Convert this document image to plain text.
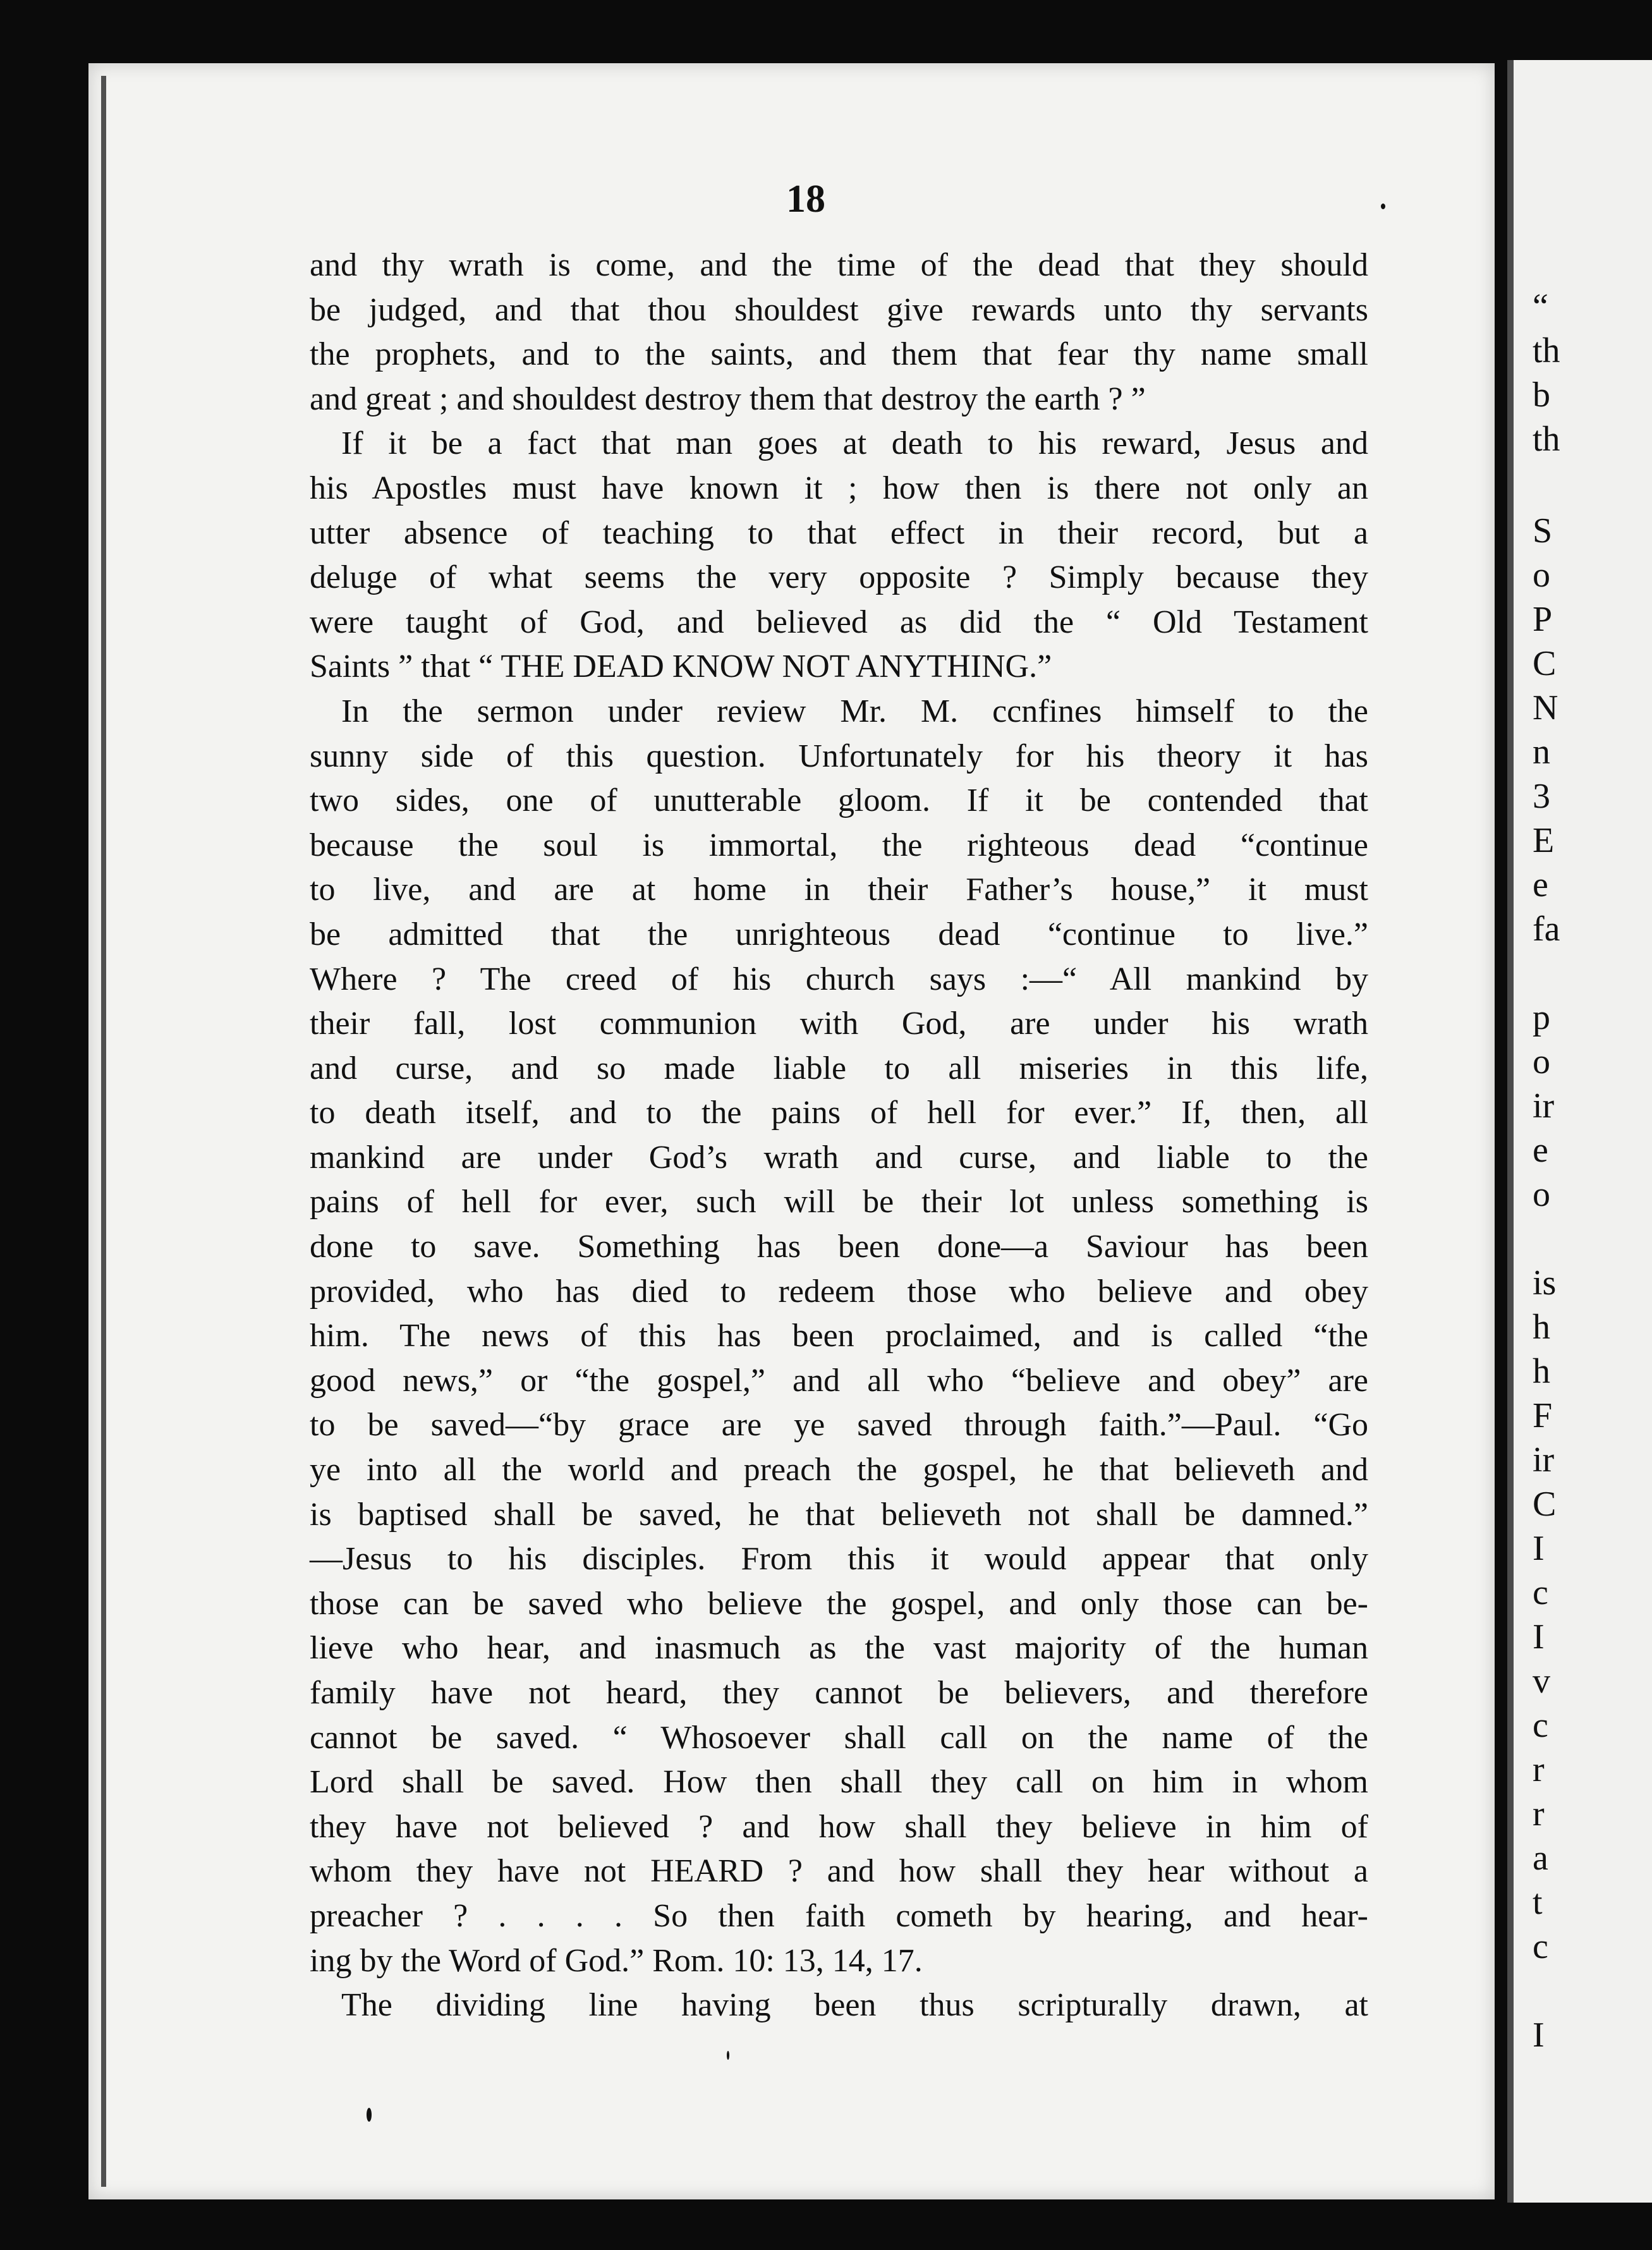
“
th
b
th
S
o
P
C
N
n
3
E
e
fa
p
o
ir
e
o
is
h
h
F
ir
C
I
c
I
v
c
r
r
a
t
c
I
18
and thy wrath is come, and the time of the dead that they should
be judged, and that thou shouldest give rewards unto thy servants
the prophets, and to the saints, and them that fear thy name small
and great ; and shouldest destroy them that destroy the earth ? ”
If it be a fact that man goes at death to his reward, Jesus and
his Apostles must have known it ; how then is there not only an
utter absence of teaching to that effect in their record, but a
deluge of what seems the very opposite ? Simply because they
were taught of God, and believed as did the “ Old Testament
Saints ” that “ THE DEAD KNOW NOT ANYTHING.”
In the sermon under review Mr. M. ccnfines himself to the
sunny side of this question. Unfortunately for his theory it has
two sides, one of unutterable gloom. If it be contended that
because the soul is immortal, the righteous dead “continue
to live, and are at home in their Father’s house,” it must
be admitted that the unrighteous dead “continue to live.”
Where ? The creed of his church says :—“ All mankind by
their fall, lost communion with God, are under his wrath
and curse, and so made liable to all miseries in this life,
to death itself, and to the pains of hell for ever.” If, then, all
mankind are under God’s wrath and curse, and liable to the
pains of hell for ever, such will be their lot unless something is
done to save. Something has been done—a Saviour has been
provided, who has died to redeem those who believe and obey
him. The news of this has been proclaimed, and is called “the
good news,” or “the gospel,” and all who “believe and obey” are
to be saved—“by grace are ye saved through faith.”—Paul. “Go
ye into all the world and preach the gospel, he that believeth and
is baptised shall be saved, he that believeth not shall be damned.”
—Jesus to his disciples. From this it would appear that only
those can be saved who believe the gospel, and only those can be-
lieve who hear, and inasmuch as the vast majority of the human
family have not heard, they cannot be believers, and therefore
cannot be saved. “ Whosoever shall call on the name of the
Lord shall be saved. How then shall they call on him in whom
they have not believed ? and how shall they believe in him of
whom they have not HEARD ? and how shall they hear without a
preacher ? . . . . So then faith cometh by hearing, and hear-
ing by the Word of God.” Rom. 10: 13, 14, 17.
The dividing line having been thus scripturally drawn, at
